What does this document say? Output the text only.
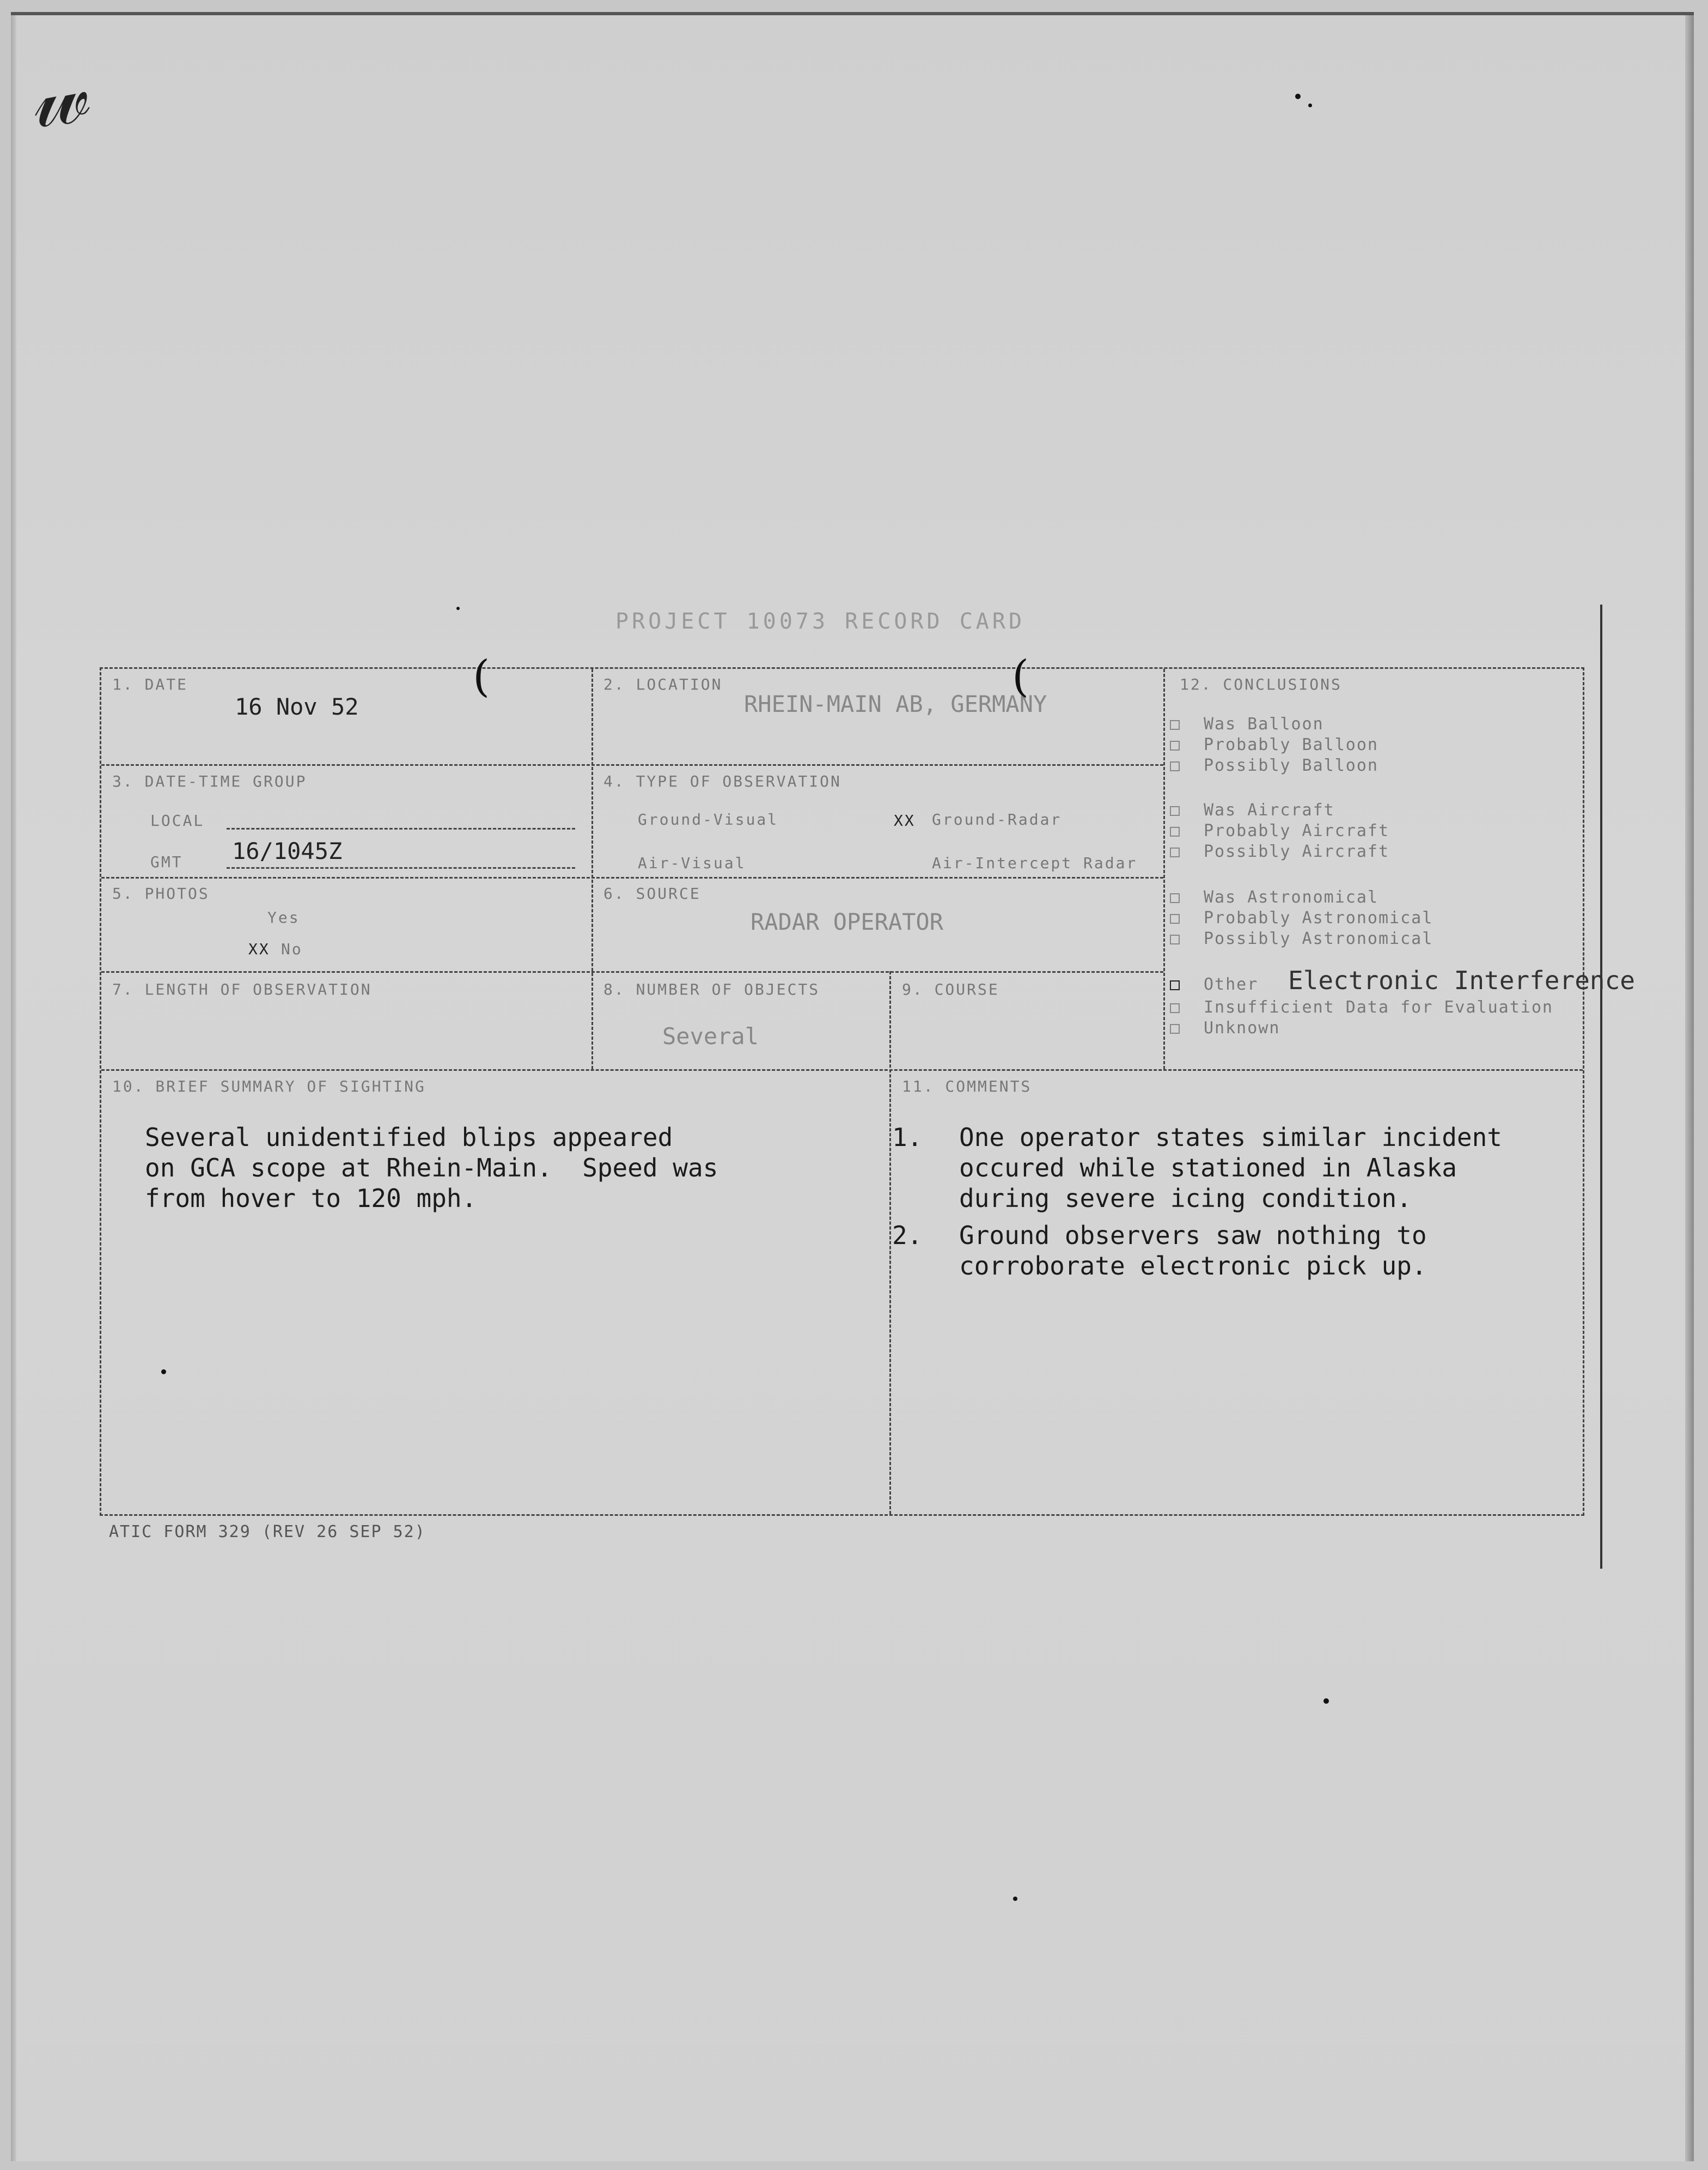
𝓌
PROJECT 10073 RECORD CARD
1. DATE
16 Nov 52
2. LOCATION
RHEIN-MAIN AB, GERMANY
3. DATE-TIME GROUP
LOCAL
GMT 16/1045Z
4. TYPE OF OBSERVATION
Ground-Visual	XX Ground-Radar
Air-Visual	Air-Intercept Radar
5. PHOTOS
Yes
XX No
6. SOURCE
RADAR OPERATOR
7. LENGTH OF OBSERVATION	8. NUMBER OF OBJECTS
Several
9. COURSE
10. BRIEF SUMMARY OF SIGHTING
Several unidentified blips appeared
on GCA scope at Rhein-Main.  Speed was
from hover to 120 mph.
11. COMMENTS
1. One operator states similar incident
occured while stationed in Alaska
during severe icing condition.
2. Ground observers saw nothing to
corroborate electronic pick up.
12. CONCLUSIONS
Was Balloon
Probably Balloon
Possibly Balloon
Was Aircraft
Probably Aircraft
Possibly Aircraft
Was Astronomical
Probably Astronomical
Possibly Astronomical
Other Electronic Interference
Insufficient Data for Evaluation
Unknown
(	(
ATIC FORM 329 (REV 26 SEP 52)
